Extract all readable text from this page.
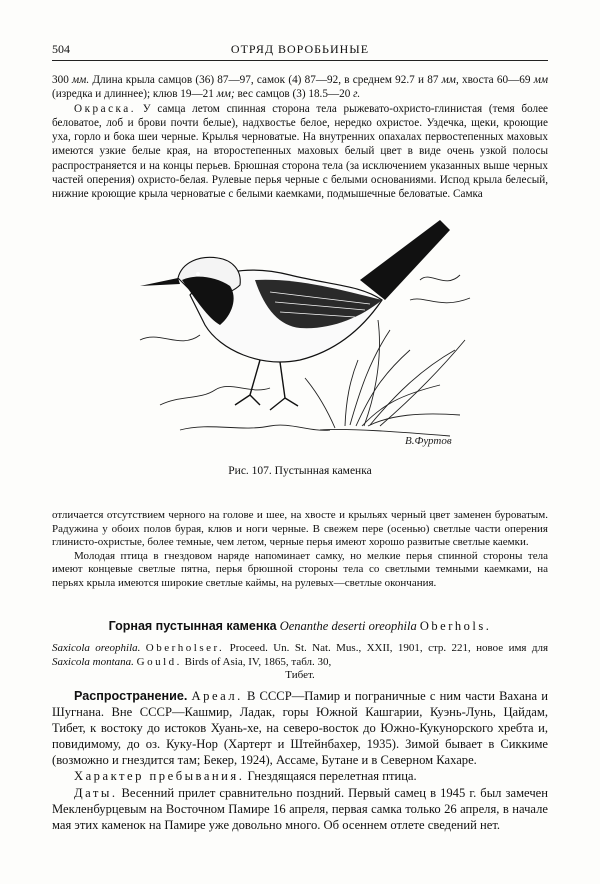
504	ОТРЯД ВОРОБЬИНЫЕ

300 мм. Длина крыла самцов (36) 87—97, самок (4) 87—92, в среднем 92.7 и 87 мм, хвоста 60—69 мм (изредка и длиннее); клюв 19—21 мм; вес самцов (3) 18.5—20 г.

Окраска. У самца летом спинная сторона тела рыжевато-охристо-глинистая (темя более беловатое, лоб и брови почти белые), надхвостье белое, нередко охристое. Уздечка, щеки, кроющие уха, горло и бока шеи черные. Крылья черноватые. На внутренних опахалах первостепенных маховых имеются узкие белые края, на второстепенных маховых белый цвет в виде очень узкой полосы распространяется и на концы перьев. Брюшная сторона тела (за исключением указанных выше черных частей оперения) охристо-белая. Рулевые перья черные с белыми основаниями. Испод крыла белесый, нижние кроющие крыла черноватые с белыми каемками, подмышечные беловатые. Самка

В.Фуртов
Рис. 107. Пустынная каменка

отличается отсутствием черного на голове и шее, на хвосте и крыльях черный цвет заменен буроватым. Радужина у обоих полов бурая, клюв и ноги черные. В свежем пере (осенью) светлые части оперения глинисто-охристые, более темные, чем летом, черные перья имеют хорошо развитые светлые каемки.

Молодая птица в гнездовом наряде напоминает самку, но мелкие перья спинной стороны тела имеют концевые светлые пятна, перья брюшной стороны тела со светлыми темными каемками, на перьях крыла имеются широкие светлые каймы, на рулевых—светлые окончания.

Горная пустынная каменка Oenanthe deserti oreophila Oberhols.
Saxicola oreophila. Oberholser. Proceed. Un. St. Nat. Mus., XXII, 1901, стр. 221, новое имя для Saxicola montana. Gould. Birds of Asia, IV, 1865, табл. 30,
Тибет.

Распространение. Ареал. В СССР—Памир и пограничные с ним части Вахана и Шугнана. Вне СССР—Кашмир, Ладак, горы Южной Кашгарии, Куэнь-Лунь, Цайдам, Тибет, к востоку до истоков Хуань-хе, на северо-восток до Южно-Кукунорского хребта и, повидимому, до оз. Куку-Нор (Хартерт и Штейнбахер, 1935). Зимой бывает в Сиккиме (возможно и гнездится там; Бекер, 1924), Ассаме, Бутане и в Северном Кахаре.

Характер пребывания. Гнездящаяся перелетная птица.

Даты. Весенний прилет сравнительно поздний. Первый самец в 1945 г. был замечен Мекленбурцевым на Восточном Памире 16 апреля, первая самка только 26 апреля, в начале мая этих каменок на Памире уже довольно много. Об осеннем отлете сведений нет.
